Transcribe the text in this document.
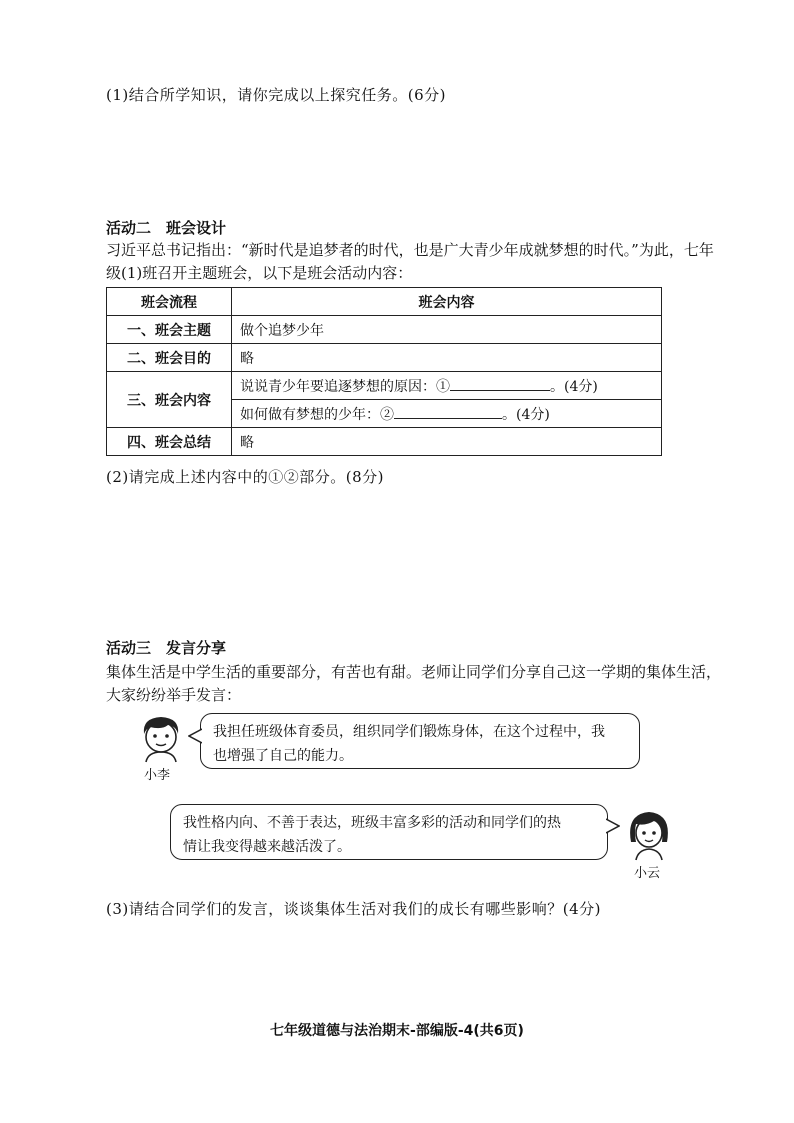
(1)结合所学知识，请你完成以上探究任务。(6分)
活动二　班会设计
习近平总书记指出：“新时代是追梦者的时代，也是广大青少年成就梦想的时代。”为此，七年
级(1)班召开主题班会，以下是班会活动内容：
班会流程	班会内容
一、班会主题	做个追梦少年
二、班会目的	略
三、班会内容	说说青少年要追逐梦想的原因：① 。(4分)
	如何做有梦想的少年：② 。(4分)
四、班会总结	略
(2)请完成上述内容中的①②部分。(8分)
活动三　发言分享
集体生活是中学生活的重要部分，有苦也有甜。老师让同学们分享自己这一学期的集体生活，
大家纷纷举手发言：
小李
我担任班级体育委员，组织同学们锻炼身体，在这个过程中，我
也增强了自己的能力。
我性格内向、不善于表达，班级丰富多彩的活动和同学们的热
情让我变得越来越活泼了。
小云
(3)请结合同学们的发言，谈谈集体生活对我们的成长有哪些影响？(4分)
七年级道德与法治期末-部编版-4(共6页)
